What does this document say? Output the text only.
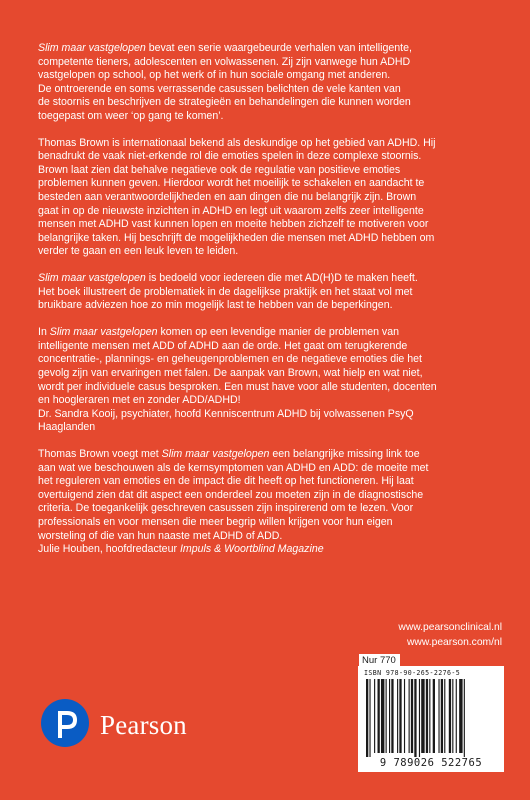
Slim maar vastgelopen bevat een serie waargebeurde verhalen van intelligente,
competente tieners, adolescenten en volwassenen. Zij zijn vanwege hun ADHD
vastgelopen op school, op het werk of in hun sociale omgang met anderen.
De ontroerende en soms verrassende casussen belichten de vele kanten van
de stoornis en beschrijven de strategieën en behandelingen die kunnen worden
toegepast om weer ‘op gang te komen’.
Thomas Brown is internationaal bekend als deskundige op het gebied van ADHD. Hij
benadrukt de vaak niet-erkende rol die emoties spelen in deze complexe stoornis.
Brown laat zien dat behalve negatieve ook de regulatie van positieve emoties
problemen kunnen geven. Hierdoor wordt het moeilijk te schakelen en aandacht te
besteden aan verantwoordelijkheden en aan dingen die nu belangrijk zijn. Brown
gaat in op de nieuwste inzichten in ADHD en legt uit waarom zelfs zeer intelligente
mensen met ADHD vast kunnen lopen en moeite hebben zichzelf te motiveren voor
belangrijke taken. Hij beschrijft de mogelijkheden die mensen met ADHD hebben om
verder te gaan en een leuk leven te leiden.
Slim maar vastgelopen is bedoeld voor iedereen die met AD(H)D te maken heeft.
Het boek illustreert de problematiek in de dagelijkse praktijk en het staat vol met
bruikbare adviezen hoe zo min mogelijk last te hebben van de beperkingen.
In Slim maar vastgelopen komen op een levendige manier de problemen van
intelligente mensen met ADD of ADHD aan de orde. Het gaat om terugkerende
concentratie-, plannings- en geheugenproblemen en de negatieve emoties die het
gevolg zijn van ervaringen met falen. De aanpak van Brown, wat hielp en wat niet,
wordt per individuele casus besproken. Een must have voor alle studenten, docenten
en hoogleraren met en zonder ADD/ADHD!
Dr. Sandra Kooij, psychiater, hoofd Kenniscentrum ADHD bij volwassenen PsyQ
Haaglanden
Thomas Brown voegt met Slim maar vastgelopen een belangrijke missing link toe
aan wat we beschouwen als de kernsymptomen van ADHD en ADD: de moeite met
het reguleren van emoties en de impact die dit heeft op het functioneren. Hij laat
overtuigend zien dat dit aspect een onderdeel zou moeten zijn in de diagnostische
criteria. De toegankelijk geschreven casussen zijn inspirerend om te lezen. Voor
professionals en voor mensen die meer begrip willen krijgen voor hun eigen
worsteling of die van hun naaste met ADHD of ADD.
Julie Houben, hoofdredacteur Impuls & Woortblind Magazine
www.pearsonclinical.nl
www.pearson.com/nl
Nur 770
ISBN 978-90-265-2276-5
9 789026 522765
Pearson
